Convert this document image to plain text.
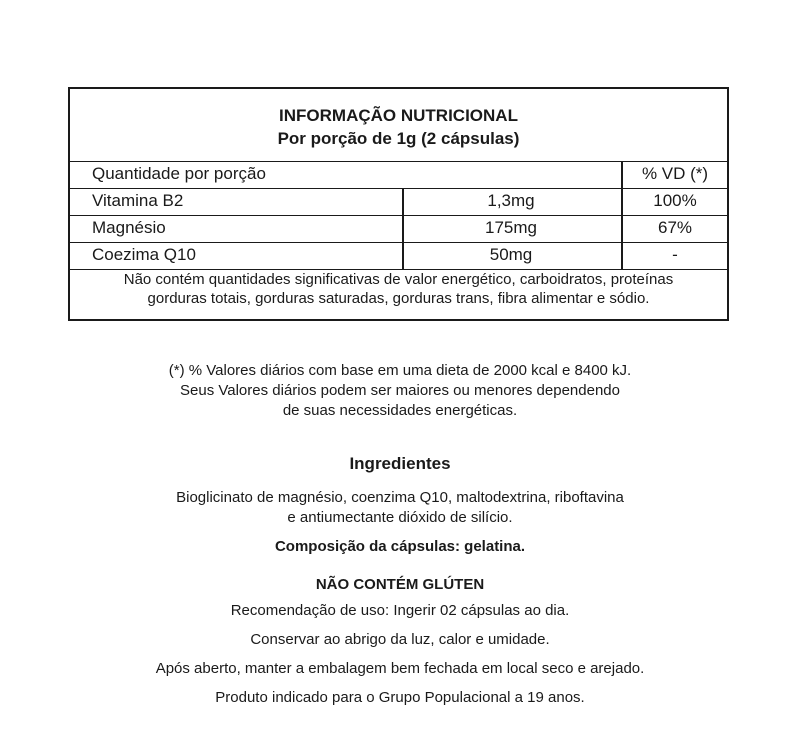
INFORMAÇÃO NUTRICIONAL
Por porção de 1g (2 cápsulas)
Quantidade por porção	% VD (*)
Vitamina B2	1,3mg	100%
Magnésio	175mg	67%
Coezima Q10	50mg	-
Não contém quantidades significativas de valor energético, carboidratos, proteínas
gorduras totais, gorduras saturadas, gorduras trans, fibra alimentar e sódio.
(*) % Valores diários com base em uma dieta de 2000 kcal e 8400 kJ.
Seus Valores diários podem ser maiores ou menores dependendo
de suas necessidades energéticas.
Ingredientes
Bioglicinato de magnésio, coenzima Q10, maltodextrina, riboftavina
e antiumectante dióxido de silício.
Composição da cápsulas: gelatina.
NÃO CONTÉM GLÚTEN
Recomendação de uso: Ingerir 02 cápsulas ao dia.
Conservar ao abrigo da luz, calor e umidade.
Após aberto, manter a embalagem bem fechada em local seco e arejado.
Produto indicado para o Grupo Populacional a 19 anos.
